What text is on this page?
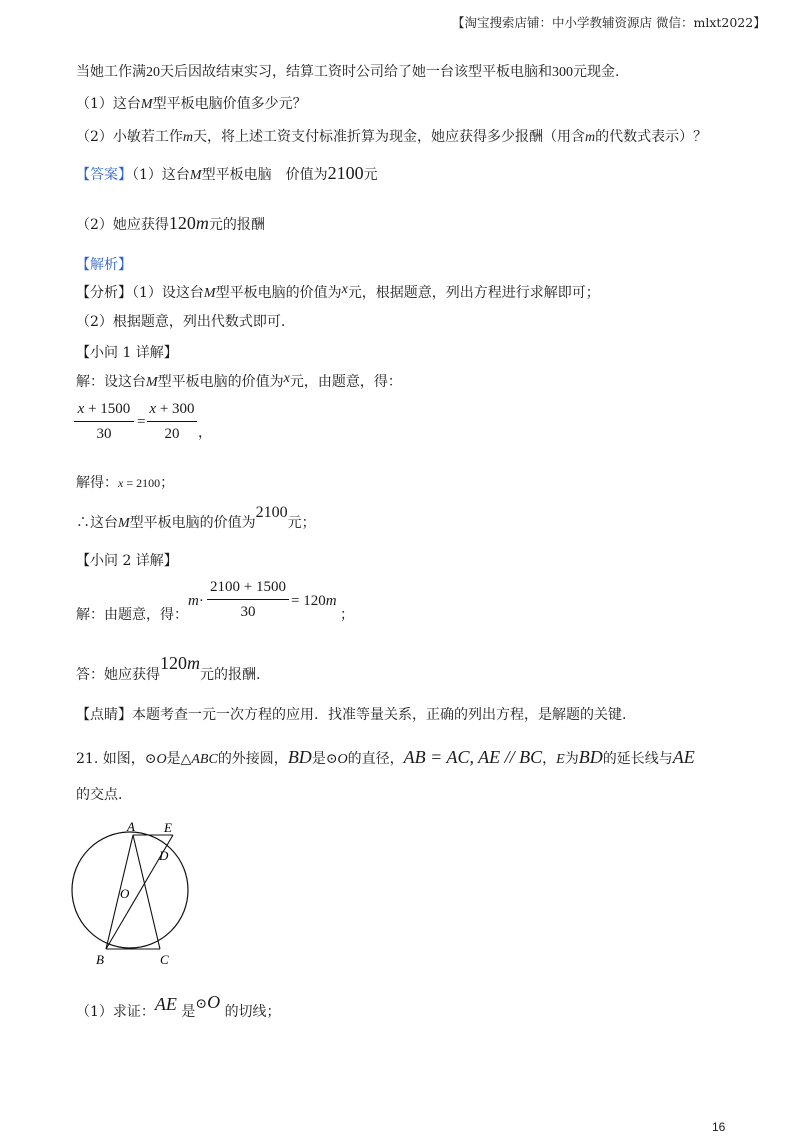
【淘宝搜索店铺：中小学教辅资源店 微信：mlxt2022】
当她工作满20天后因故结束实习，结算工资时公司给了她一台该型平板电脑和300元现金.
（1）这台M型平板电脑价值多少元？
（2）小敏若工作m天，将上述工资支付标准折算为现金，她应获得多少报酬（用含m的代数式表示）？
【答案】（1）这台M型平板电脑　价值为2100元
（2）她应获得120m元的报酬
【解析】
【分析】（1）设这台M型平板电脑的价值为x元，根据题意，列出方程进行求解即可；
（2）根据题意，列出代数式即可.
【小问 1 详解】
解：设这台M型平板电脑的价值为x元，由题意，得：
x + 1500
30
=
x + 300
20	，
解得：x = 2100；
∴这台M型平板电脑的价值为2100元；
【小问 2 详解】
解：由题意，得：
m·
2100 + 1500
30
= 120m
；
答：她应获得120m元的报酬.
【点睛】本题考查一元一次方程的应用．找准等量关系，正确的列出方程，是解题的关键.
21. 如图，⊙O是△ABC的外接圆，BD是⊙O的直径，AB = AC, AE // BC，E为BD的延长线与AE
的交点.
A E
D
O
B	C
（1）求证：AE 是⊙O 的切线；
16
